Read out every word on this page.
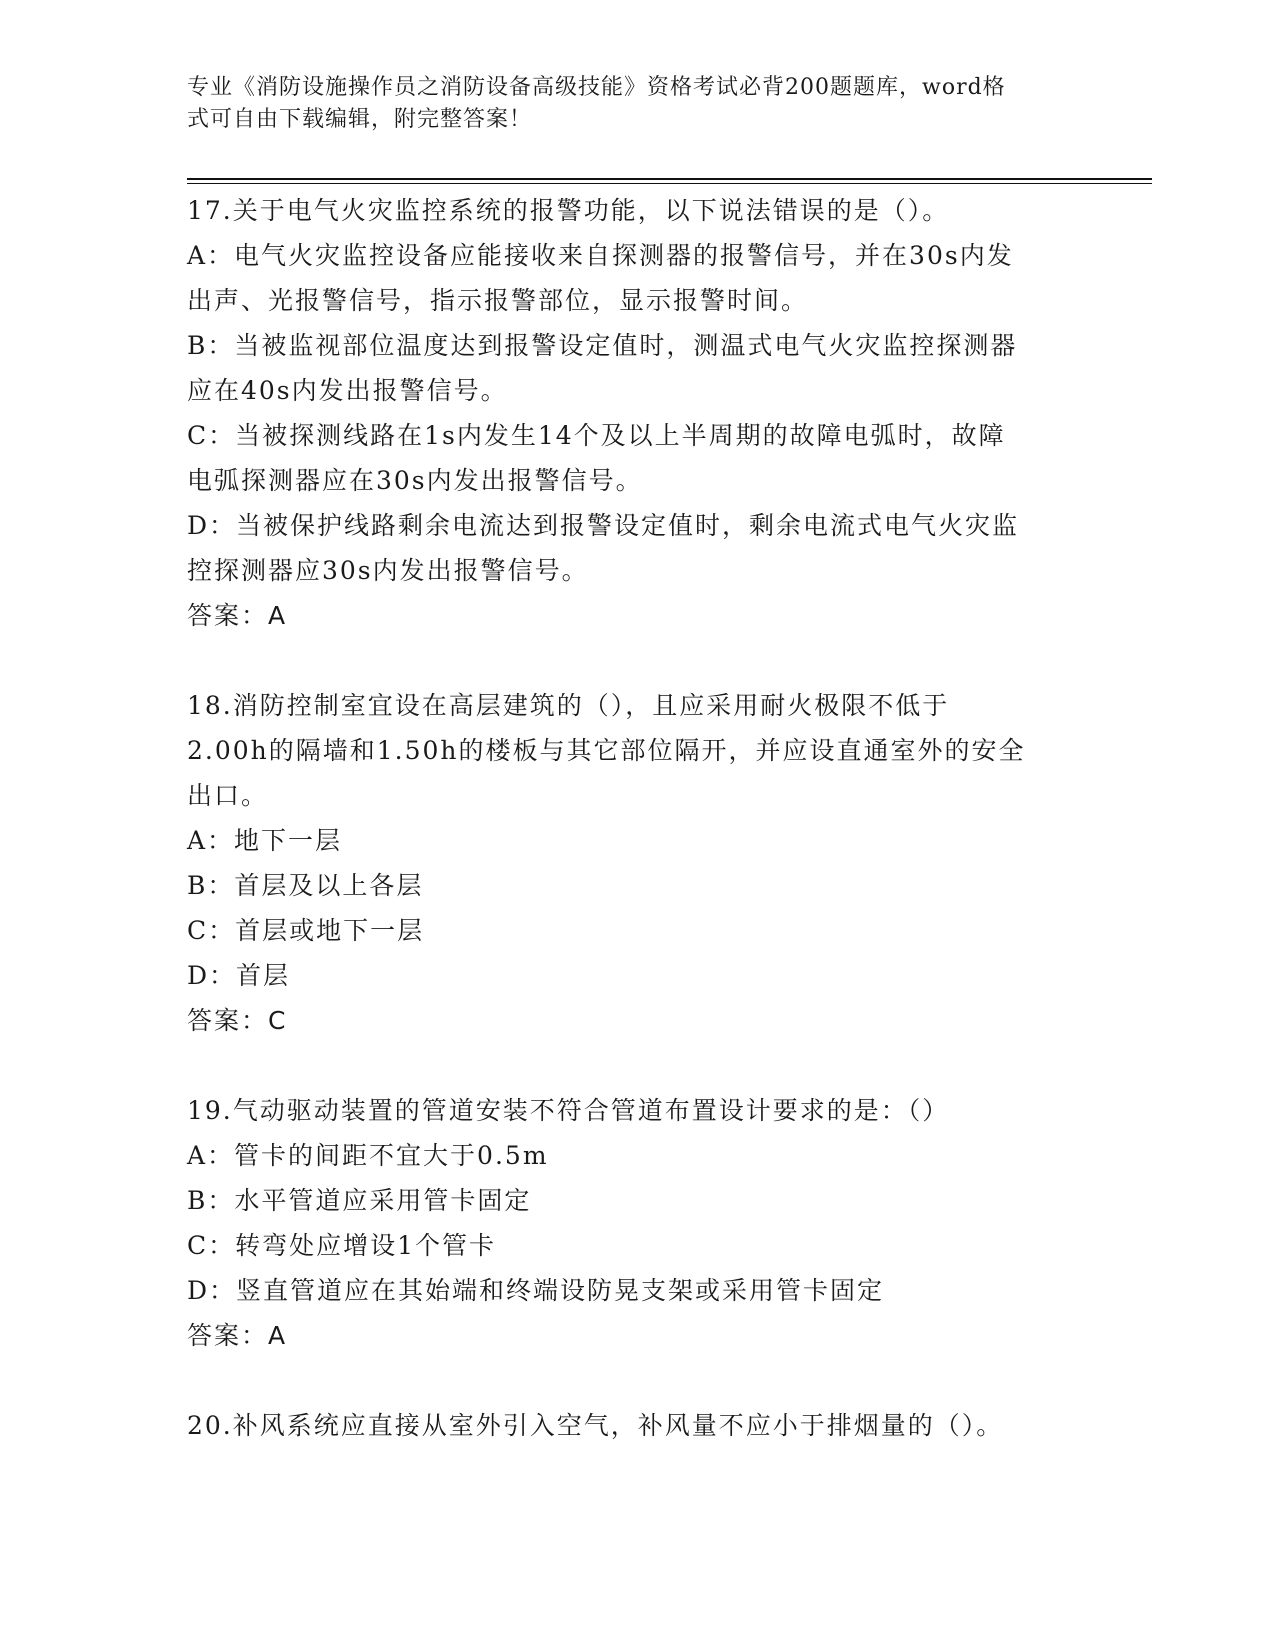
专业《消防设施操作员之消防设备高级技能》资格考试必背200题题库，word格
式可自由下载编辑，附完整答案！

17.关于电气火灾监控系统的报警功能，以下说法错误的是（）。

A：电气火灾监控设备应能接收来自探测器的报警信号，并在30s内发

出声、光报警信号，指示报警部位，显示报警时间。

B：当被监视部位温度达到报警设定值时，测温式电气火灾监控探测器

应在40s内发出报警信号。

C：当被探测线路在1s内发生14个及以上半周期的故障电弧时，故障

电弧探测器应在30s内发出报警信号。

D：当被保护线路剩余电流达到报警设定值时，剩余电流式电气火灾监

控探测器应30s内发出报警信号。

答案：A

18.消防控制室宜设在高层建筑的（），且应采用耐火极限不低于

2.00h的隔墙和1.50h的楼板与其它部位隔开，并应设直通室外的安全

出口。

A：地下一层

B：首层及以上各层

C：首层或地下一层

D：首层

答案：C

19.气动驱动装置的管道安装不符合管道布置设计要求的是：（）

A：管卡的间距不宜大于0.5m

B：水平管道应采用管卡固定

C：转弯处应增设1个管卡

D：竖直管道应在其始端和终端设防晃支架或采用管卡固定

答案：A

20.补风系统应直接从室外引入空气，补风量不应小于排烟量的（）。
